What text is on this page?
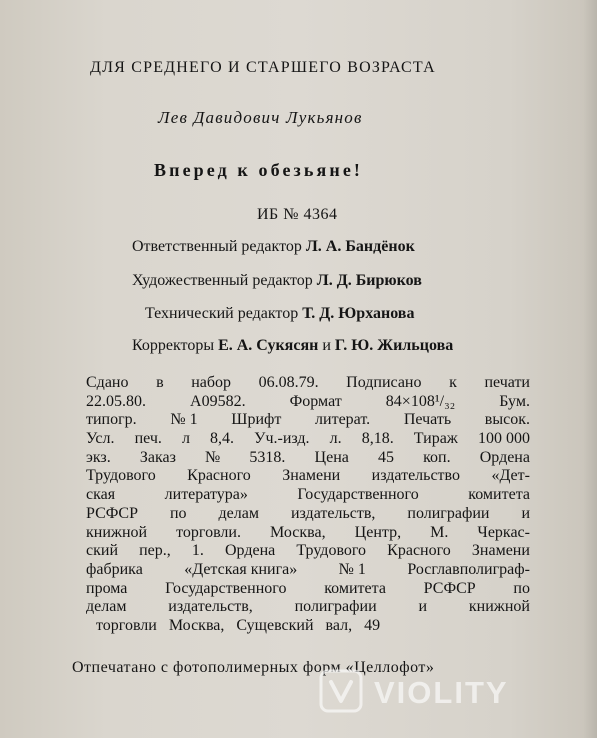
ДЛЯ СРЕДНЕГО И СТАРШЕГО ВОЗРАСТА
Лев Давидович Лукьянов
Вперед к обезьяне!
ИБ № 4364
Ответственный редактор Л. А. Бандёнок
Художественный редактор Л. Д. Бирюков
Технический редактор Т. Д. Юрханова
Корректоры Е. А. Сукясян и Г. Ю. Жильцова
Сдано в набор 06.08.79. Подписано к печати
22.05.80.	А09582.	Формат	84×108¹/₃₂	Бум.
типогр. № 1 Шрифт литерат. Печать высок.
Усл. печ. л 8,4. Уч.-изд. л. 8,18. Тираж 100 000
экз. Заказ № 5318. Цена 45 коп. Ордена
Трудового Красного Знамени издательство «Дет-
ская	литература»	Государственного	комитета
РСФСР по делам издательств, полиграфии и
книжной торговли. Москва, Центр, М. Черкас-
ский пер., 1. Ордена Трудового Красного Знамени
фабрика	«Детская книга»	№ 1	Росглавполиграф-
прома Государственного комитета РСФСР по
делам	издательств,	полиграфии	и	книжной
торговли Москва, Сущевский вал, 49
Отпечатано с фотополимерных форм «Целлофот»
VIOLITY
